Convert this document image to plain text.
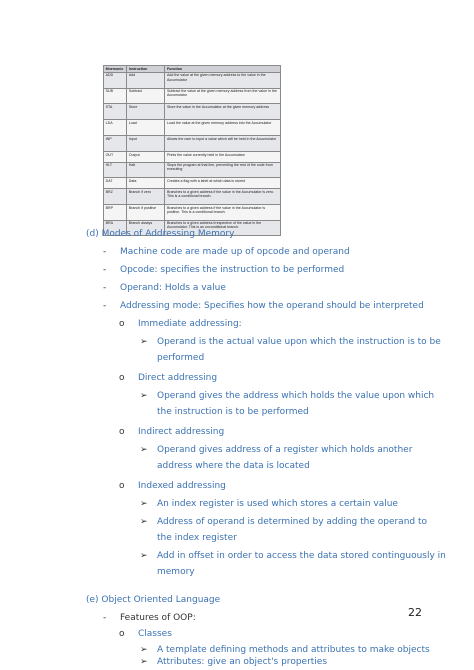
Mnemonic	Instruction	Function
ADD	Add	Add the value at the given memory address to the value in the Accumulator
SUB	Subtract	Subtract the value at the given memory address from the value in the Accumulator
STA	Store	Store the value in the Accumulator at the given memory address
LDA	Load	Load the value at the given memory address into the Accumulator
INP	Input	Allows the user to input a value which will be held in the Accumulator
OUT	Output	Prints the value currently held in the Accumulator
HLT	Halt	Stops the program at that line, preventing the rest of the code from executing
DAT	Data	Creates a flag with a label at which data is stored
BRZ	Branch if zero	Branches to a given address if the value in the Accumulator is zero. This is a conditional branch.
BRP	Branch if positive	Branches to a given address if the value in the Accumulator is positive. This is a conditional branch.
BRA	Branch always	Branches to a given address irrespective of the value in the Accumulator. This is an unconditional branch.
(d) Modes of Addressing Memory
- Machine code are made up of opcode and operand
- Opcode: specifies the instruction to be performed
- Operand: Holds a value
- Addressing mode: Specifies how the operand should be interpreted
o Immediate addressing:
➢ Operand is the actual value upon which the instruction is to be
performed
o Direct addressing
➢ Operand gives the address which holds the value upon which
the instruction is to be performed
o Indirect addressing
➢ Operand gives address of a register which holds another
address where the data is located
o Indexed addressing
➢ An index register is used which stores a certain value
➢ Address of operand is determined by adding the operand to
the index register
➢ Add in offset in order to access the data stored continguously in
memory
(e) Object Oriented Language
- Features of OOP:
o Classes
➢ A template defining methods and attributes to make objects
➢ Attributes: give an object's properties
22
